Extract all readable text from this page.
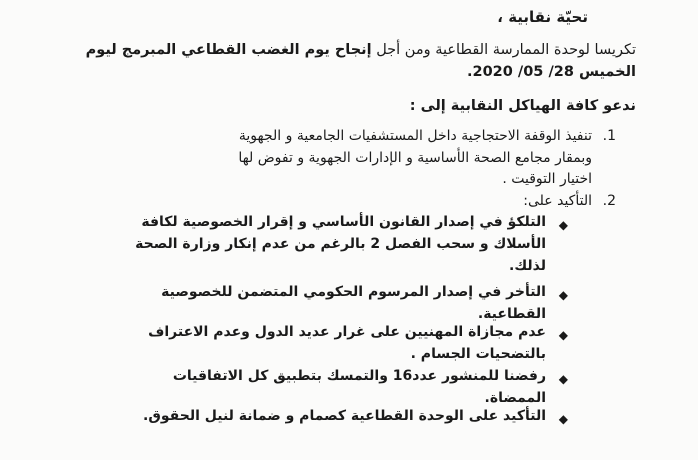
تحيّة نقابية ،
تكريسا لوحدة الممارسة القطاعية ومن أجل إنجاح يوم الغضب القطاعي المبرمج ليوم
الخميس 28/ 05/ 2020.
ندعو كافة الهياكل النقابية إلى :
1.
تنفيذ الوقفة الاحتجاجية داخل المستشفيات الجامعية و الجهوية
وبمقار مجامع الصحة الأساسية و الإدارات الجهوية و تفوض لها
اختيار التوقيت .
2.
التأكيد على:
◆
التلكؤ في إصدار القانون الأساسي و إقرار الخصوصية لكافة
الأسلاك و سحب الفصل 2 بالرغم من عدم إنكار وزارة الصحة
لذلك.
◆
التأخر في إصدار المرسوم الحكومي المتضمن للخصوصية
القطاعية.
◆
عدم مجازاة المهنيين على غرار عديد الدول وعدم الاعتراف
بالتضحيات الجسام .
◆
رفضنا للمنشور عدد16 والتمسك بتطبيق كل الاتفاقيات
الممضاة.
◆
التأكيد على الوحدة القطاعية كصمام و ضمانة لنيل الحقوق.
